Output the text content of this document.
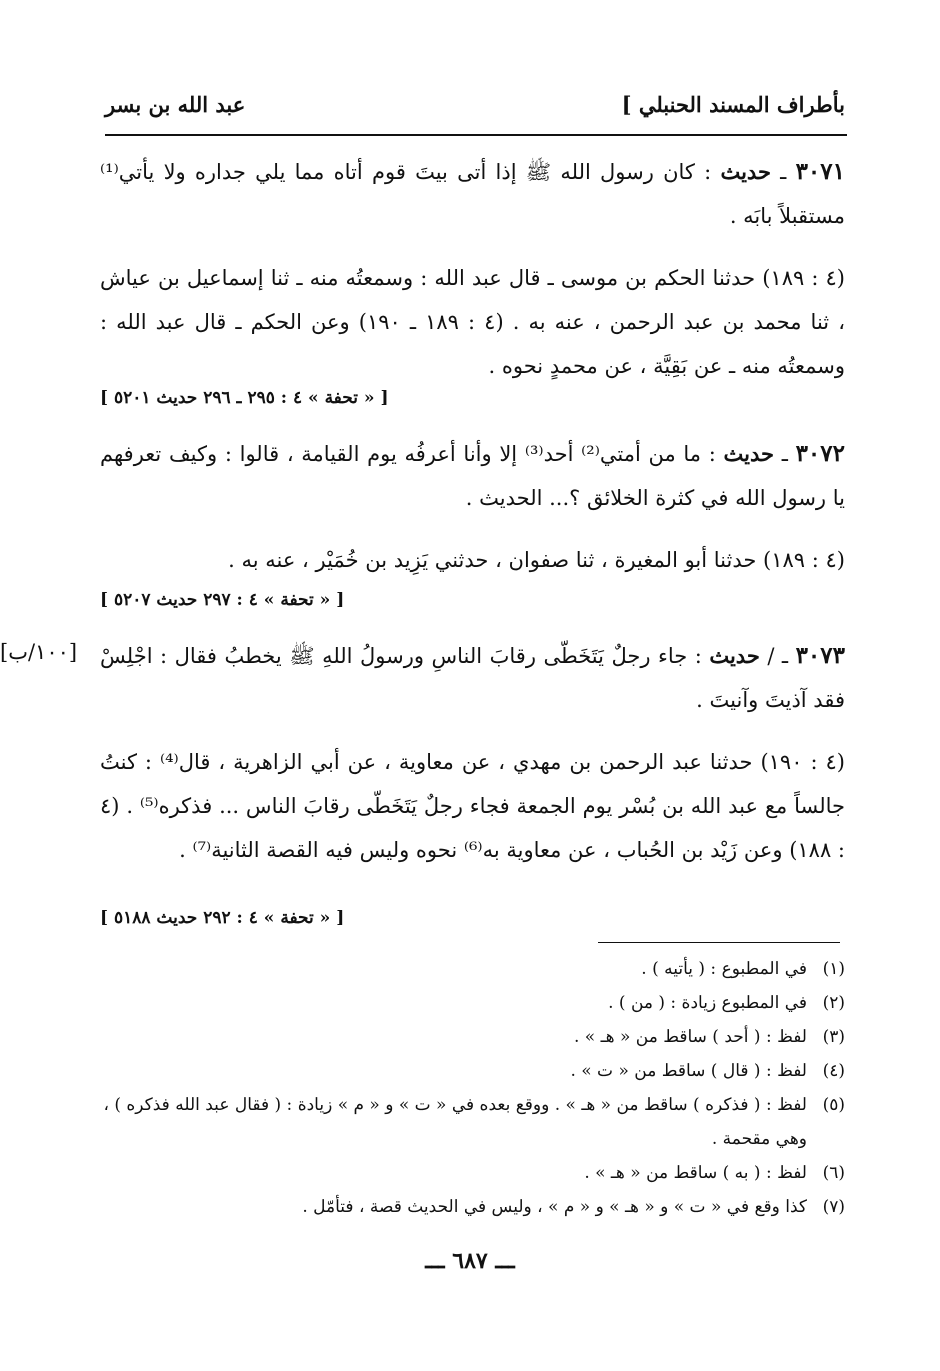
بأطراف المسند الحنبلي ]
عبد الله بن بسر
٣٠٧١ ـ حديث : كان رسول الله ﷺ إذا أتى بيتَ قوم أتاه مما يلي جداره ولا يأتي⁽¹⁾ مستقبلاً بابَه .
(٤ : ١٨٩) حدثنا الحكم بن موسى ـ قال عبد الله : وسمعتُه منه ـ ثنا إسماعيل بن عياش ، ثنا محمد بن عبد الرحمن ، عنه به . (٤ : ١٨٩ ـ ١٩٠) وعن الحكم ـ قال عبد الله : وسمعتُه منه ـ عن بَقِيَّة ، عن محمدٍ نحوه .
[ « تحفة » ٤ : ٢٩٥ ـ ٢٩٦ حديث ٥٢٠١ ]
٣٠٧٢ ـ حديث : ما من أمتي⁽²⁾ أحد⁽³⁾ إلا وأنا أعرفُه يوم القيامة ، قالوا : وكيف تعرفهم يا رسول الله في كثرة الخلائق ؟... الحديث .
(٤ : ١٨٩) حدثنا أبو المغيرة ، ثنا صفوان ، حدثني يَزِيد بن خُمَيْر ، عنه به .
[ « تحفة » ٤ : ٢٩٧ حديث ٥٢٠٧ ]
[١٠٠/ب]	٣٠٧٣ ـ / حديث : جاء رجلٌ يَتَخَطّى رقابَ الناسِ ورسولُ اللهِ ﷺ يخطبُ فقال : اجْلِسْ فقد آذيتَ وآنيتَ .
(٤ : ١٩٠) حدثنا عبد الرحمن بن مهدي ، عن معاوية ، عن أبي الزاهرية ، قال⁽⁴⁾ : كنتُ جالساً مع عبد الله بن بُسْر يوم الجمعة فجاء رجلٌ يَتَخَطّى رقابَ الناس ... فذكره⁽⁵⁾ . (٤ : ١٨٨) وعن زَيْد بن الحُباب ، عن معاوية به⁽⁶⁾ نحوه وليس فيه القصة الثانية⁽⁷⁾ .
[ « تحفة » ٤ : ٢٩٢ حديث ٥١٨٨ ]
(١)
في المطبوع : ( يأتيه ) .
(٢)
في المطبوع زيادة : ( من ) .
(٣)
لفظ : ( أحد ) ساقط من « هـ » .
(٤)
لفظ : ( قال ) ساقط من « ت » .
(٥)
لفظ : ( فذكره ) ساقط من « هـ » . ووقع بعده في « ت » و « م » زيادة : ( فقال عبد الله فذكره ) ، وهي مقحمة .
(٦)
لفظ : ( به ) ساقط من « هـ » .
(٧)
كذا وقع في « ت » و « هـ » و « م » ، وليس في الحديث قصة ، فتأمّل .
ـــ ٦٨٧ ـــ
